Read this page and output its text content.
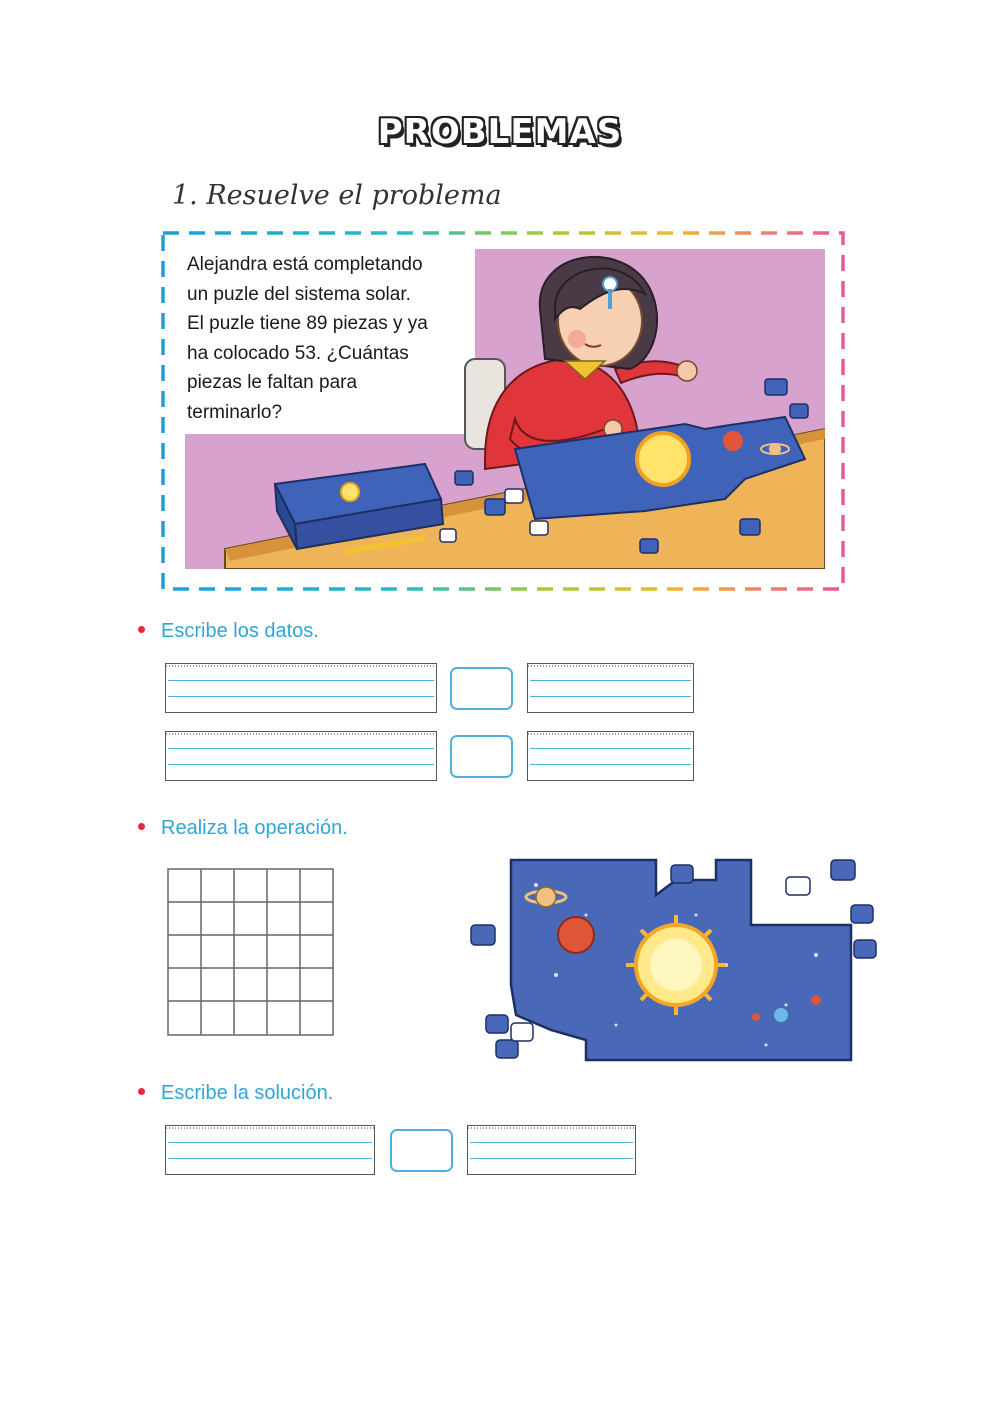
PROBLEMAS
1. Resuelve el problema
Alejandra está completando
un puzle del sistema solar.
El puzle tiene 89 piezas y ya
ha colocado 53. ¿Cuántas
piezas le faltan para
terminarlo?
Escribe los datos.
Realiza la operación.
Escribe la solución.
